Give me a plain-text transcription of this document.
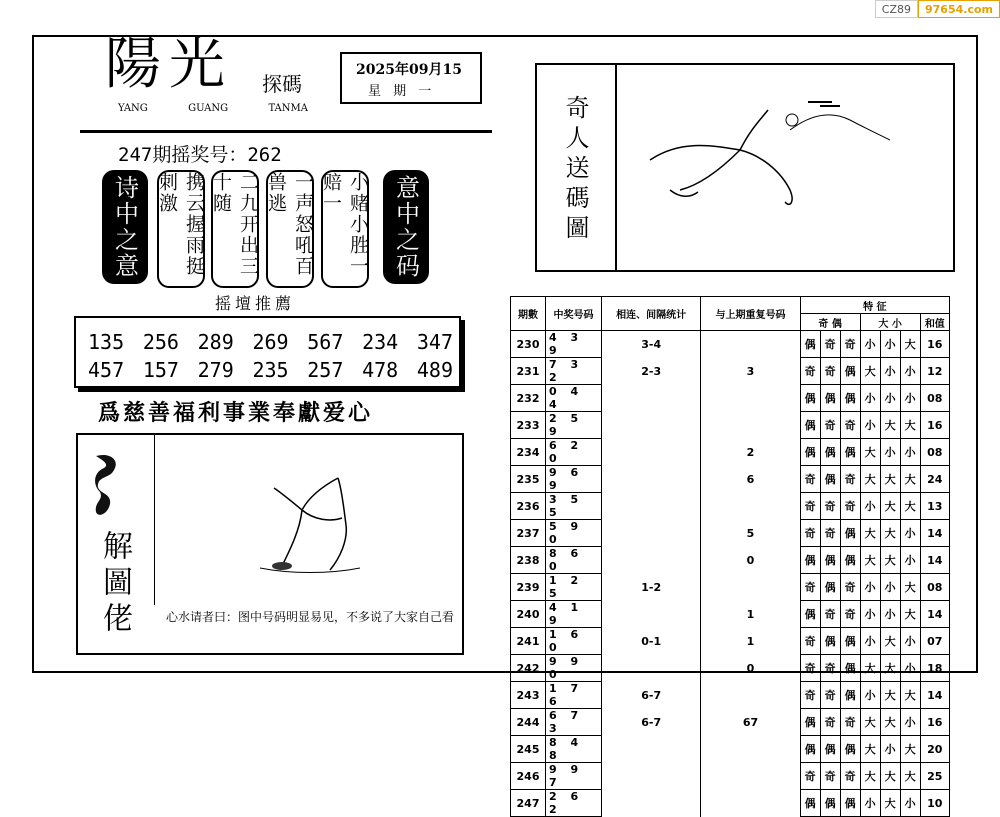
CZ89	97654.com
陽光 探碼
YANG	GUANG	TANMA
2025年09月15
星 期 一
247期摇奖号：262
诗中之意	携云握雨挺刺激	二九开出三十随	一声怒吼百兽逃	小赌小胜一赔一	意中之码
摇壇推薦
135 256 289 269 567 234 347
457 157 279 235 257 478 489
爲慈善福利事業奉獻爱心
解圖佬	心水请者曰：图中号码明显易见，不多说了大家自己看
奇人送碼圖
期數	中奖号码	相连、间隔统计	与上期重复号码	特 征						
				奇 偶			大 小			和值
230	4 3 9	3-4		偶	奇	奇	小	小	大	16
231	7 3 2	2-3	3	奇	奇	偶	大	小	小	12
232	0 4 4			偶	偶	偶	小	小	小	08
233	2 5 9			偶	奇	奇	小	大	大	16
234	6 2 0		2	偶	偶	偶	大	小	小	08
235	9 6 9		6	奇	偶	奇	大	大	大	24
236	3 5 5			奇	奇	奇	小	大	大	13
237	5 9 0		5	奇	奇	偶	大	大	小	14
238	8 6 0		0	偶	偶	偶	大	大	小	14
239	1 2 5	1-2		奇	偶	奇	小	小	大	08
240	4 1 9		1	偶	奇	奇	小	小	大	14
241	1 6 0	0-1	1	奇	偶	偶	小	大	小	07
242	9 9 0		0	奇	奇	偶	大	大	小	18
243	1 7 6	6-7		奇	奇	偶	小	大	大	14
244	6 7 3	6-7	67	偶	奇	奇	大	大	小	16
245	8 4 8			偶	偶	偶	大	小	大	20
246	9 9 7			奇	奇	奇	大	大	大	25
247	2 6 2			偶	偶	偶	小	大	小	10
